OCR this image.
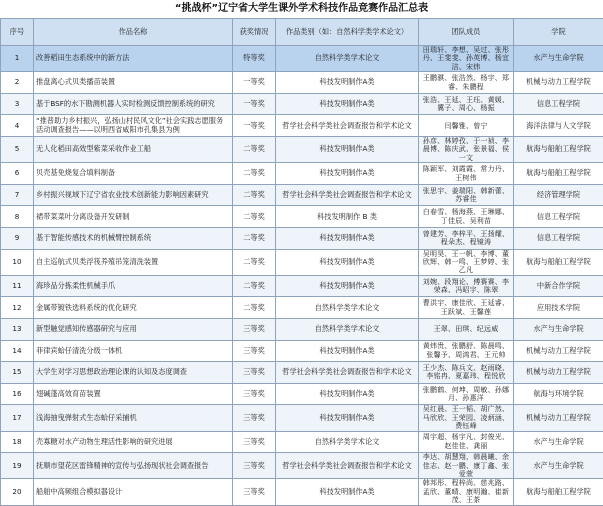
“挑战杯”辽宁省大学生课外学术科技作品竞赛作品汇总表
序号	作品名称	获奖情况	作品类别（如：自然科学类学术论文）	团队成员	学院
1	改善稻田生态系统中的新方法	特等奖	自然科学类学术论文	田瑞轩、李想、吴过、张彤丹、王斐斐、孙英博、杨宜洁、宋炜	水产与生命学院
2	推盘离心式贝类播苗装置	一等奖	科技发明制作A类	王鹏骐、张浩然、杨宇、郑睿、朱鹏程	机械与动力工程学院
3	基于BSF的水下勘测机器人实时检测反馈控制系统的研究	一等奖	科技发明制作A类	张浩、王延、王珏、黄媛、冀子、周心、杨振	信息工程学院
4	“推普助力乡村振兴，弘扬山村民风文化”社会实践志愿服务活动调查报告——以明西省咸阳市孔集县为例	一等奖	哲学社会科学类社会调查报告和学术论文	闫馨雅、曾宁	海洋法律与人文学院
5	无人化稻田高效型紫菜采收作业工船	二等奖	科技发明制作A类	孙彦、林婷孜、于一祯、李晨博、陈庆武、张景福、侯一文	航海与船舶工程学院
6	贝壳基免烧复合填料制备	二等奖	科技发明制作A类	陈颖军、刘霞霞、常力丹、王树伟	航海与船舶工程学院
7	乡村振兴视域下辽宁省农业技术创新能力影响因素研究	二等奖	哲学社会科学类社会调查报告和学术论文	张思宇、姜瑞阳、韩新蕾、苏睿佳	经济管理学院
8	裙带菜菜叶分离设备开发研制	二等奖	科技发明制作 B 类	白春雪、杨海燕、王琳娜、丁佳辰、吴利苗	信息工程学院
9	基于智能传感技术的机械臂控制系统	二等奖	科技发明制作A类	曾建芳、李梓平、王扬耀、程朵杰、程镜涛	信息工程学院
10	自主巡航式贝类浮筏养殖吊笼清洗装置	二等奖	科技发明制作A类	吴明昊、王一帆、李博、董欣辉、韩一鸣、王梦婷、张乙凡	航海与船舶工程学院
11	海珍品分拣柔性机械手爪	二等奖	科技发明制作A类	刘婉、段翔论、傅赛赛、李荣森、冯昭宇、陈翠	中新合作学院
12	金属带镀铁选料系统的优化研究	二等奖	自然科学类学术论文	曹洪宇、康佳欣、王延睿、王跃斌、王馨莲	应用技术学院
13	新型触觉感知传感器研究与应用	三等奖	自然科学类学术论文	王翠、田琪、纪远威	水产与生命学院
14	菲律宾蛤仔清洗分级一体机	三等奖	科技发明制作A类	黄炜贵、张鹏舒、陈晨鸣、张馨予、周鸿君、王元帅	机械与动力工程学院
15	大学生对学习思想政治理论课的认知及态度调查	三等奖	哲学社会科学类社会调查报告和学术论文	王少杰、陈兵文、赵雨晓、李铭冉、夏嘉玮、程悦欣	机械与动力工程学院
16	翅碱蓬高效育苗装置	三等奖	科技发明制作A类	张鹏鹤、何坤、周敏、孙娜月、孙惠洋	航海与环境学院
17	浅海抽曳弹射式生态蛤仔采捕机	三等奖	科技发明制作A类	吴红晨、王一韬、胡广然、马欣欣、王荣园、凌炳涵、费钰峰	机械与动力工程学院
18	壳寡糖对水产动物生理活性影响的研究进展	三等奖	自然科学类学术论文	周宇超、杨宇凡、封俊光、赵佳佳、龚丽	水产与生命学院
19	抚顺市望花区雷锋精神的宣传与弘扬现状社会调查报告	三等奖	哲学社会科学类社会调查报告和学术论文	李达、胡慧翔、韩晨曦、余佳志、赵一鹏、康丁鑫、张爱萱	水产与生命学院
20	船舶中高频组合模拟器设计	三等奖	科技发明制作A类	韩邦彤、程梓尚、慈兆路、孟欣、董晴、康明瀚、崔新茂、王茶	航海与船舶工程学院
